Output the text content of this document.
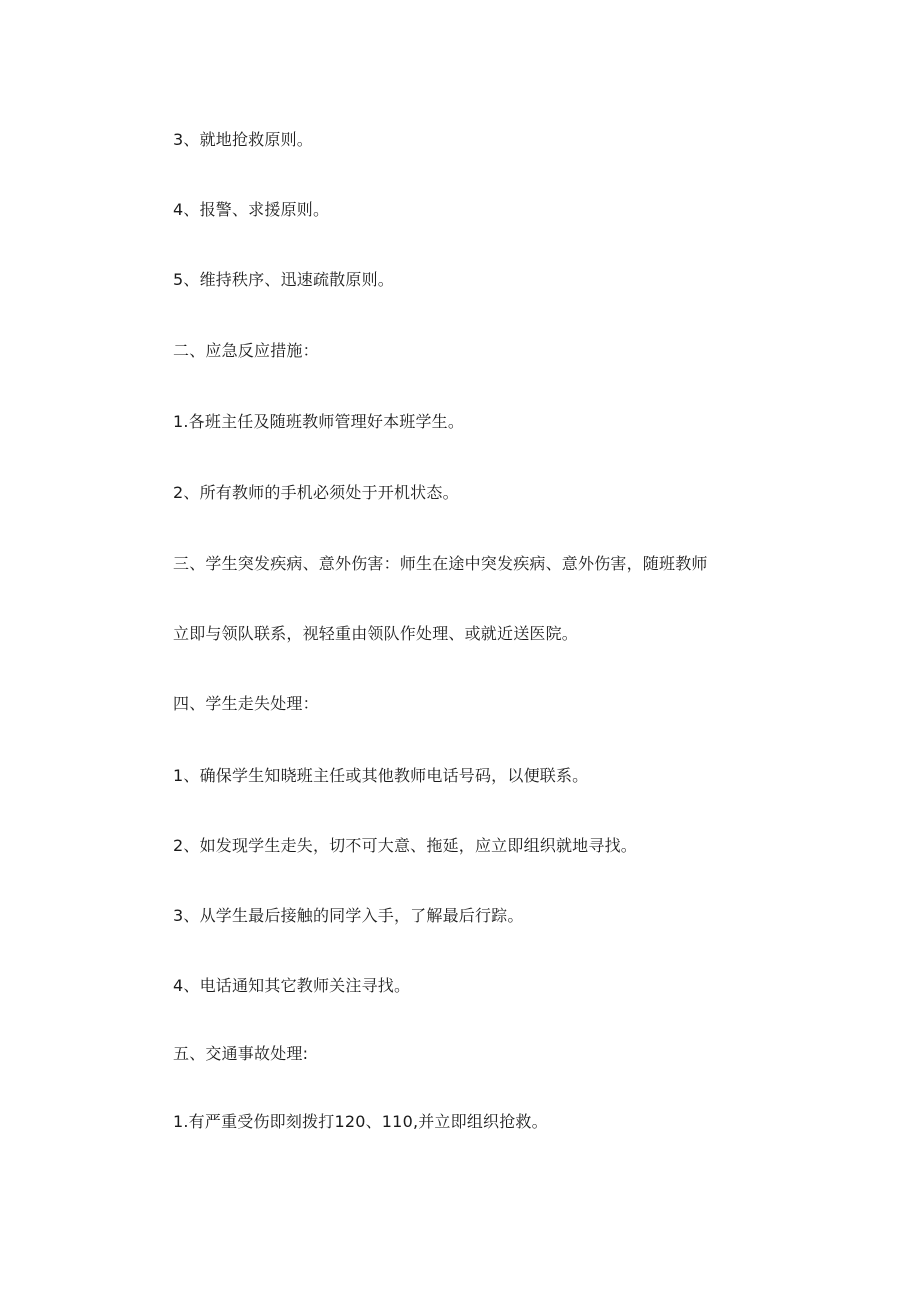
3、就地抢救原则。
4、报警、求援原则。
5、维持秩序、迅速疏散原则。
二、应急反应措施：
1.各班主任及随班教师管理好本班学生。
2、所有教师的手机必须处于开机状态。
三、学生突发疾病、意外伤害：师生在途中突发疾病、意外伤害，随班教师
立即与领队联系，视轻重由领队作处理、或就近送医院。
四、学生走失处理：
1、确保学生知晓班主任或其他教师电话号码，以便联系。
2、如发现学生走失，切不可大意、拖延，应立即组织就地寻找。
3、从学生最后接触的同学入手，了解最后行踪。
4、电话通知其它教师关注寻找。
五、交通事故处理:
1.有严重受伤即刻拨打120、110,并立即组织抢救。
